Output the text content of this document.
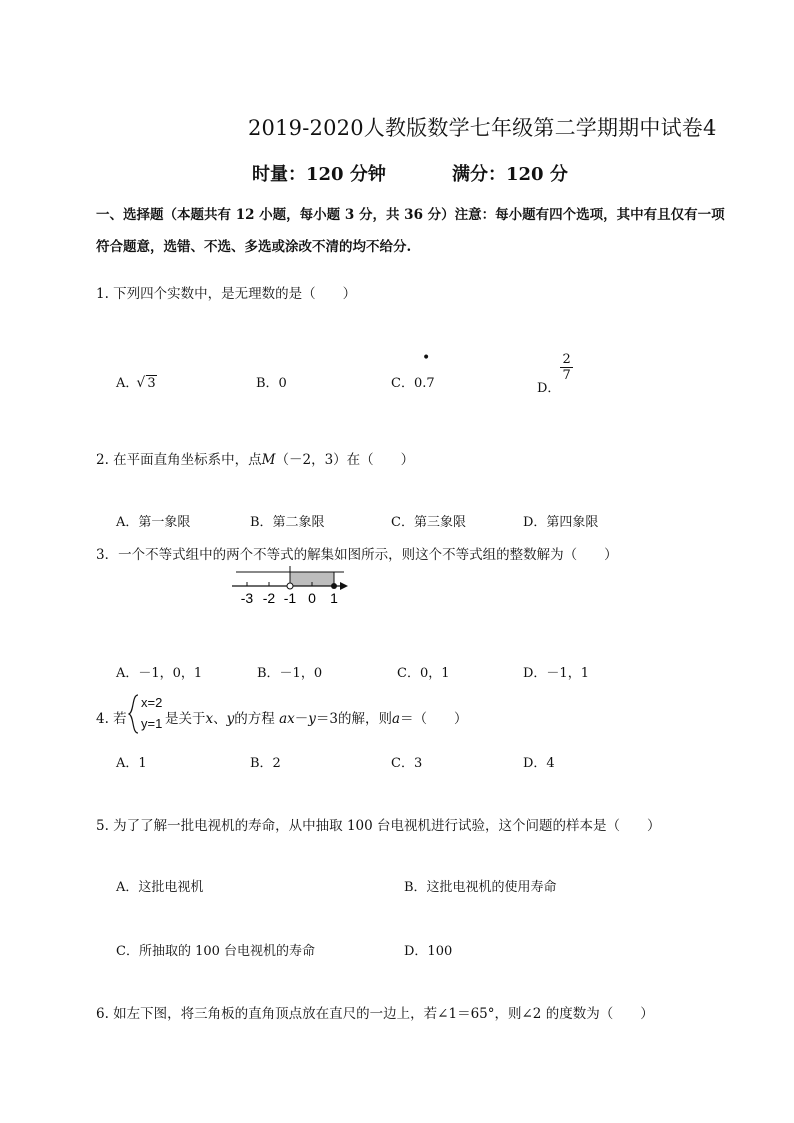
2019-2020人教版数学七年级第二学期期中试卷4
时量：120 分钟	满分：120 分
一、选择题（本题共有 12 小题，每小题 3 分，共 36 分）注意：每小题有四个选项，其中有且仅有一项
符合题意，选错、不选、多选或涂改不清的均不给分.
1. 下列四个实数中，是无理数的是（　　）
A．√ 3	B．0	C．
•
0.7	D．
$\frac{2}{7}$
2. 在平面直角坐标系中，点M（－2，3）在（　　）
A．第一象限	B．第二象限	C．第三象限	D．第四象限
3．一个不等式组中的两个不等式的解集如图所示，则这个不等式组的整数解为（　　）
-3 -2 -1 0 1
A．－1，0，1	B．－1，0	C．0，1	D．－1，1
4. 若
x=2
y=1 是关于x、y的方程 ax－y＝3的解，则a＝（　　）
A．1	B．2	C．3	D．4
5. 为了了解一批电视机的寿命，从中抽取 100 台电视机进行试验，这个问题的样本是（　　）
A．这批电视机	B．这批电视机的使用寿命
C．所抽取的 100 台电视机的寿命	D．100
6. 如左下图，将三角板的直角顶点放在直尺的一边上，若∠1＝65°，则∠2 的度数为（　　）
